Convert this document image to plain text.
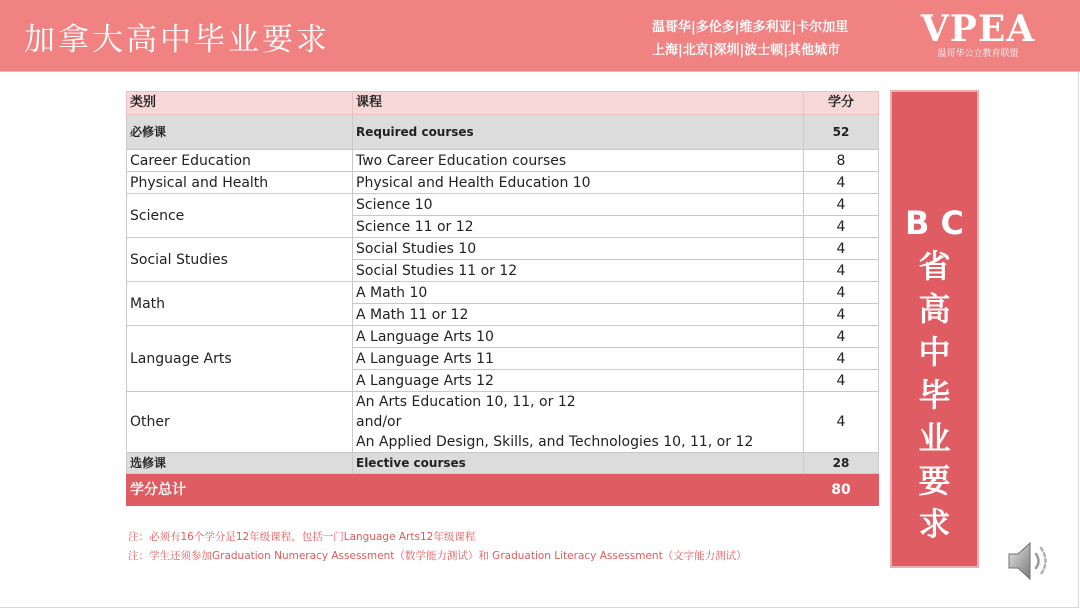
加拿大高中毕业要求	温哥华|多伦多|维多利亚|卡尔加里
上海|北京|深圳|波士顿|其他城市
VPEA
温哥华公立教育联盟
类别	课程	学分
必修课	Required courses	52
Career Education	Two Career Education courses	8
Physical and Health	Physical and Health Education 10	4
Science	Science 10	4
	Science 11 or 12	4
Social Studies	Social Studies 10	4
	Social Studies 11 or 12	4
Math	A Math 10	4
	A Math 11 or 12	4
Language Arts	A Language Arts 10	4
	A Language Arts 11	4
	A Language Arts 12	4
Other	An Arts Education 10, 11, or 12
and/or
An Applied Design, Skills, and Technologies 10, 11, or 12	4
选修课	Elective courses	28
学分总计		80
注：必须有16个学分是12年级课程，包括一门Language Arts12年级课程
注：学生还须参加Graduation Numeracy Assessment（数学能力测试）和 Graduation Literacy Assessment（文字能力测试）
B C
省
高
中
毕
业
要
求
